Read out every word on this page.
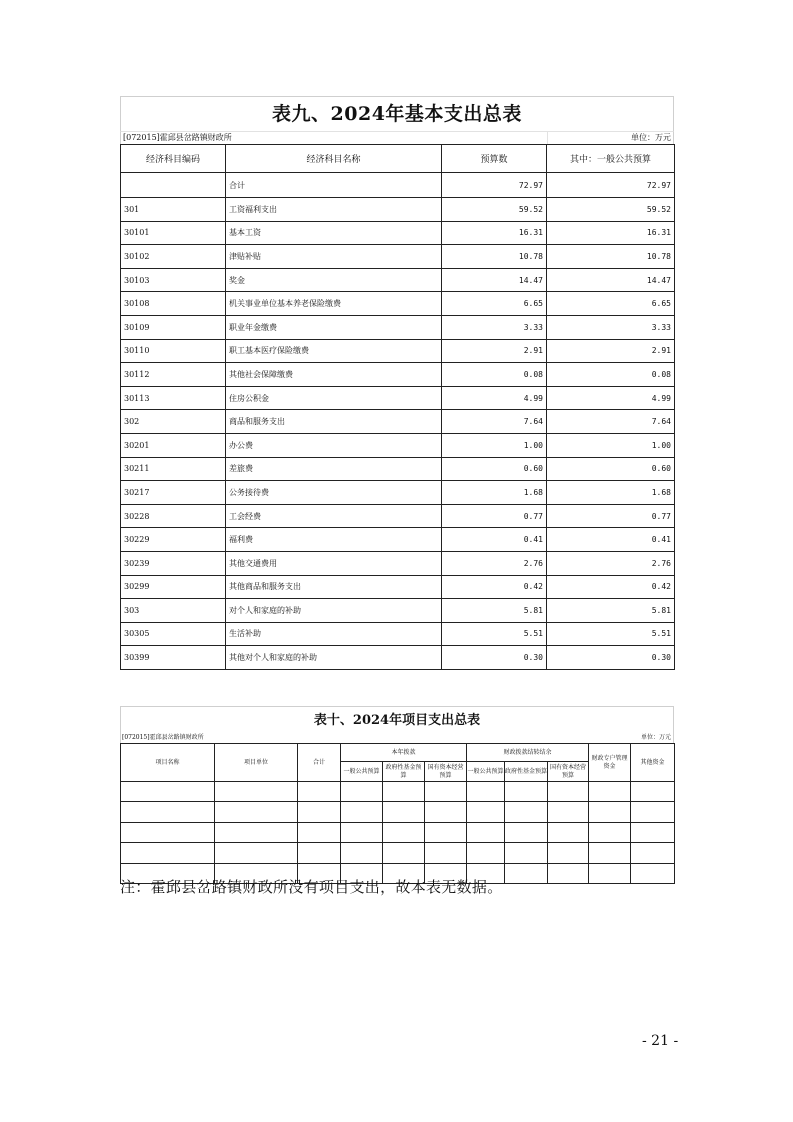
表九、2024年基本支出总表
[072015]霍邱县岔路镇财政所	单位：万元
经济科目编码	经济科目名称	预算数	其中：一般公共预算
	合计	72.97	72.97
301	工资福利支出	59.52	59.52
30101	基本工资	16.31	16.31
30102	津贴补贴	10.78	10.78
30103	奖金	14.47	14.47
30108	机关事业单位基本养老保险缴费	6.65	6.65
30109	职业年金缴费	3.33	3.33
30110	职工基本医疗保险缴费	2.91	2.91
30112	其他社会保障缴费	0.08	0.08
30113	住房公积金	4.99	4.99
302	商品和服务支出	7.64	7.64
30201	办公费	1.00	1.00
30211	差旅费	0.60	0.60
30217	公务接待费	1.68	1.68
30228	工会经费	0.77	0.77
30229	福利费	0.41	0.41
30239	其他交通费用	2.76	2.76
30299	其他商品和服务支出	0.42	0.42
303	对个人和家庭的补助	5.81	5.81
30305	生活补助	5.51	5.51
30399	其他对个人和家庭的补助	0.30	0.30
表十、2024年项目支出总表
[072015]霍邱县岔路镇财政所	单位：万元
项目名称	项目单位	合计	本年拨款			财政拨款结转结余			财政专户管理资金	其他资金
			一般公共预算	政府性基金预算	国有资本经营预算	一般公共预算	政府性基金预算	国有资本经营预算		

注：霍邱县岔路镇财政所没有项目支出，故本表无数据。
- 21 -
